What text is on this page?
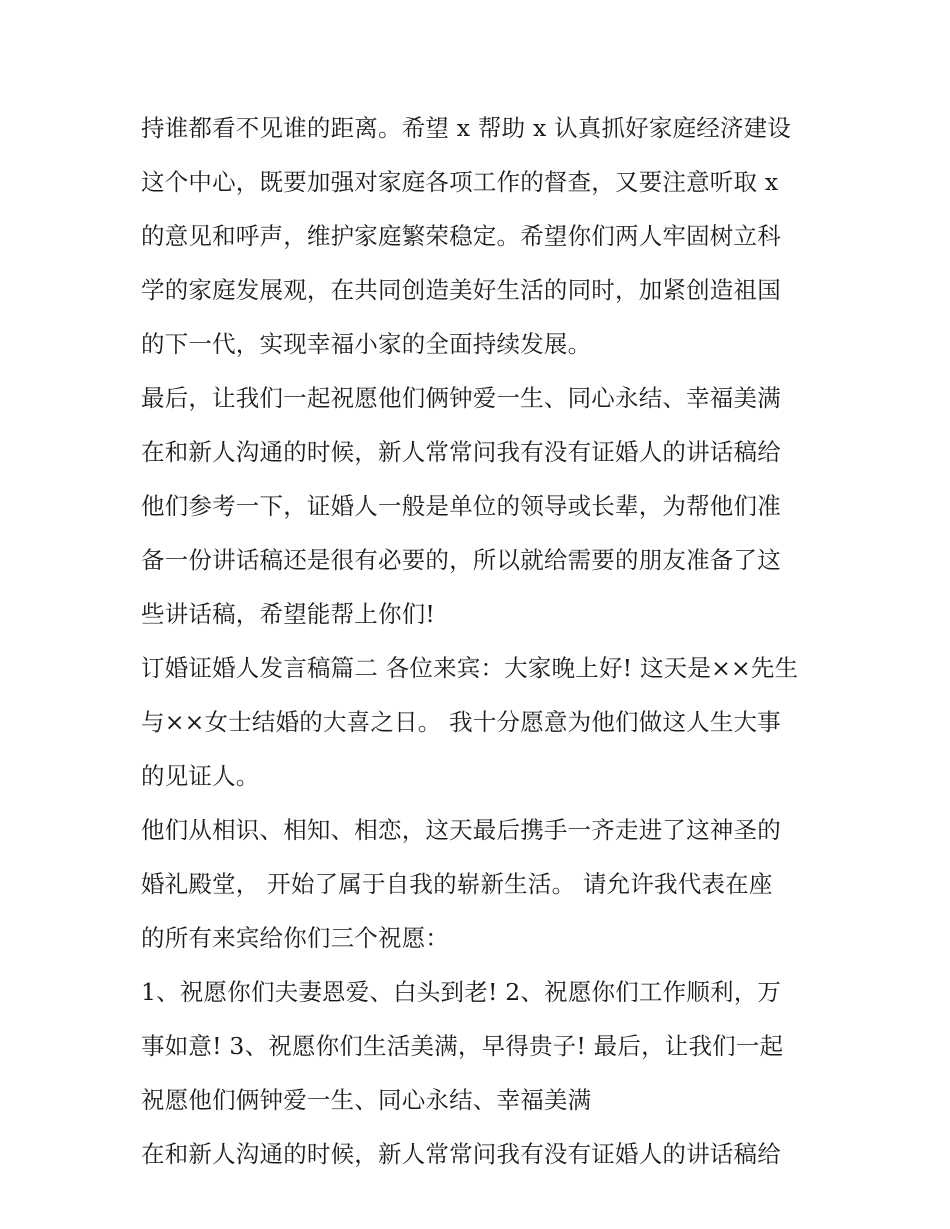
持谁都看不见谁的距离。希望 x 帮助 x 认真抓好家庭经济建设
这个中心，既要加强对家庭各项工作的督查，又要注意听取 x
的意见和呼声，维护家庭繁荣稳定。希望你们两人牢固树立科
学的家庭发展观，在共同创造美好生活的同时，加紧创造祖国
的下一代，实现幸福小家的全面持续发展。
最后，让我们一起祝愿他们俩钟爱一生、同心永结、幸福美满
在和新人沟通的时候，新人常常问我有没有证婚人的讲话稿给
他们参考一下，证婚人一般是单位的领导或长辈，为帮他们准
备一份讲话稿还是很有必要的，所以就给需要的朋友准备了这
些讲话稿，希望能帮上你们!
订婚证婚人发言稿篇二 各位来宾：大家晚上好! 这天是××先生
与××女士结婚的大喜之日。 我十分愿意为他们做这人生大事
的见证人。
他们从相识、相知、相恋，这天最后携手一齐走进了这神圣的
婚礼殿堂， 开始了属于自我的崭新生活。 请允许我代表在座
的所有来宾给你们三个祝愿：
1、祝愿你们夫妻恩爱、白头到老! 2、祝愿你们工作顺利，万
事如意! 3、祝愿你们生活美满，早得贵子! 最后，让我们一起
祝愿他们俩钟爱一生、同心永结、幸福美满
在和新人沟通的时候，新人常常问我有没有证婚人的讲话稿给
